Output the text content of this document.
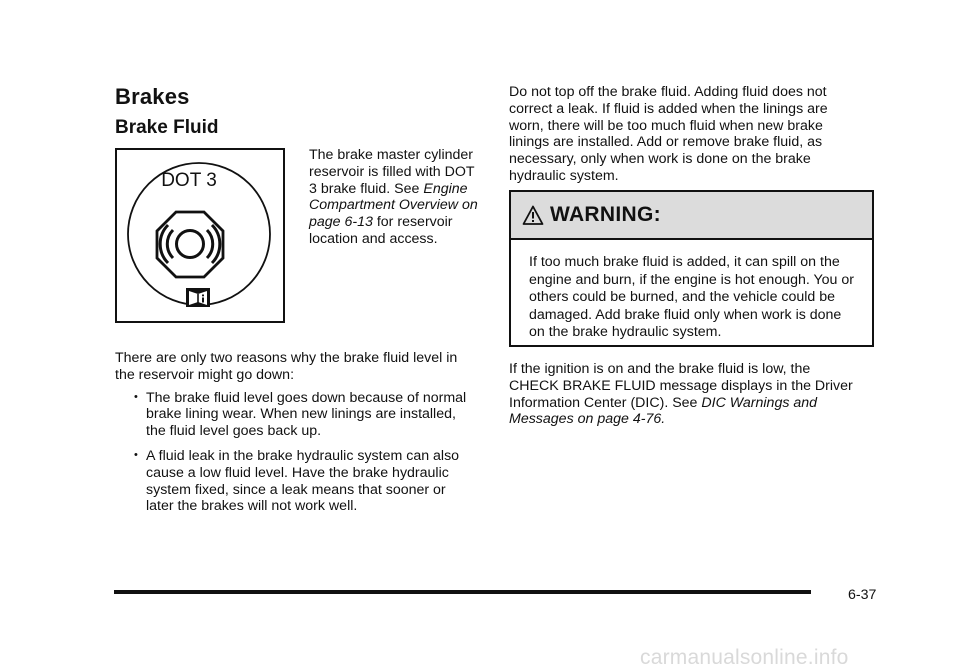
Brakes
Brake Fluid
DOT 3

The brake master cylinder reservoir is filled with DOT 3 brake fluid. See Engine Compartment Overview on page 6-13 for reservoir location and access.

There are only two reasons why the brake fluid level in the reservoir might go down:

• The brake fluid level goes down because of normal brake lining wear. When new linings are installed, the fluid level goes back up.
• A fluid leak in the brake hydraulic system can also cause a low fluid level. Have the brake hydraulic system fixed, since a leak means that sooner or later the brakes will not work well.

Do not top off the brake fluid. Adding fluid does not correct a leak. If fluid is added when the linings are worn, there will be too much fluid when new brake linings are installed. Add or remove brake fluid, as necessary, only when work is done on the brake hydraulic system.

WARNING:
If too much brake fluid is added, it can spill on the engine and burn, if the engine is hot enough. You or others could be burned, and the vehicle could be damaged. Add brake fluid only when work is done on the brake hydraulic system.

If the ignition is on and the brake fluid is low, the CHECK BRAKE FLUID message displays in the Driver Information Center (DIC). See DIC Warnings and Messages on page 4-76.

6-37
carmanualsonline.info
